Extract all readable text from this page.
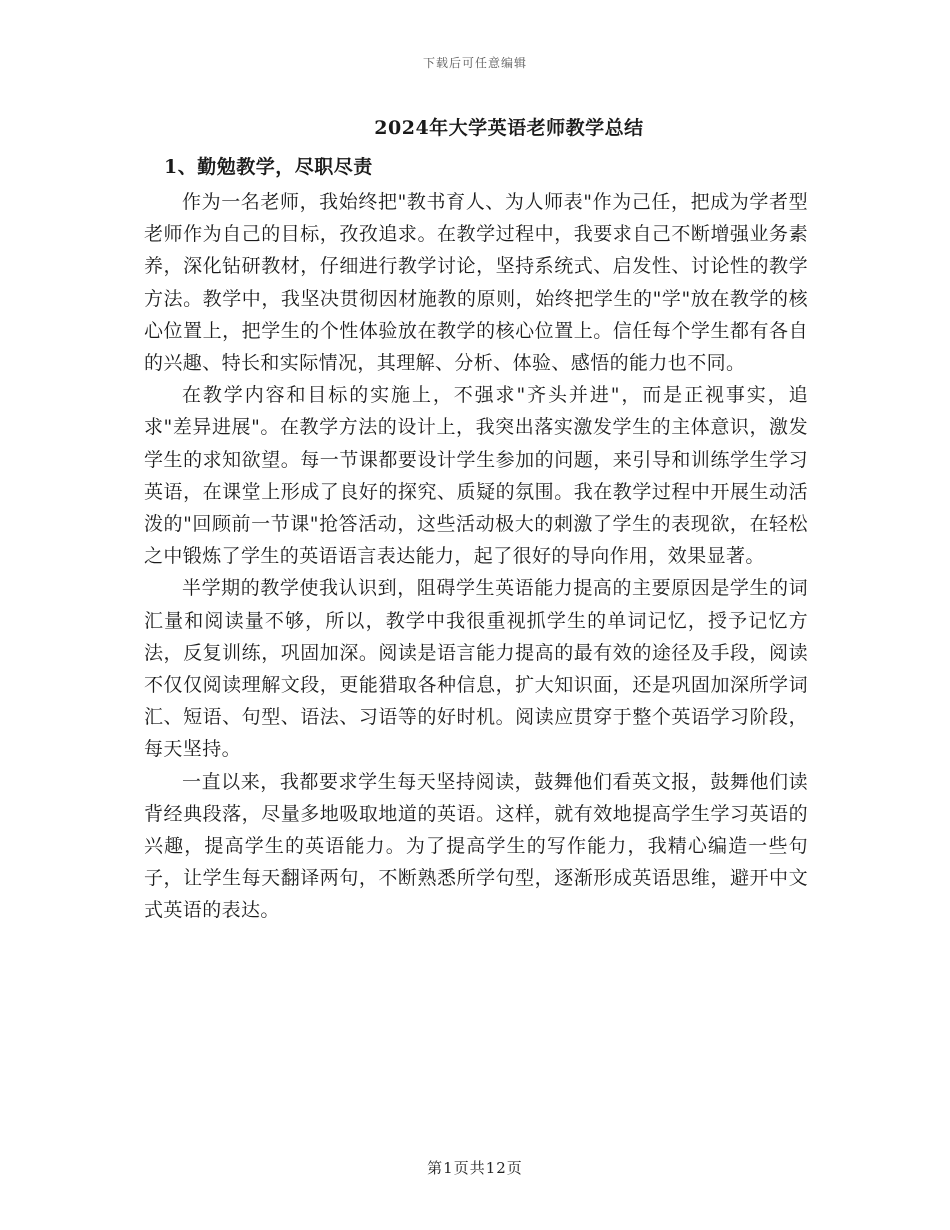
下载后可任意编辑
2024年大学英语老师教学总结
1、勤勉教学，尽职尽责

作为一名老师，我始终把"教书育人、为人师表"作为己任，把成为学者型老师作为自己的目标，孜孜追求。在教学过程中，我要求自己不断增强业务素养，深化钻研教材，仔细进行教学讨论，坚持系统式、启发性、讨论性的教学方法。教学中，我坚决贯彻因材施教的原则，始终把学生的"学"放在教学的核心位置上，把学生的个性体验放在教学的核心位置上。信任每个学生都有各自的兴趣、特长和实际情况，其理解、分析、体验、感悟的能力也不同。

在教学内容和目标的实施上，不强求"齐头并进"，而是正视事实，追求"差异进展"。在教学方法的设计上，我突出落实激发学生的主体意识，激发学生的求知欲望。每一节课都要设计学生参加的问题，来引导和训练学生学习英语，在课堂上形成了良好的探究、质疑的氛围。我在教学过程中开展生动活泼的"回顾前一节课"抢答活动，这些活动极大的刺激了学生的表现欲，在轻松之中锻炼了学生的英语语言表达能力，起了很好的导向作用，效果显著。

半学期的教学使我认识到，阻碍学生英语能力提高的主要原因是学生的词汇量和阅读量不够，所以，教学中我很重视抓学生的单词记忆，授予记忆方法，反复训练，巩固加深。阅读是语言能力提高的最有效的途径及手段，阅读不仅仅阅读理解文段，更能猎取各种信息，扩大知识面，还是巩固加深所学词汇、短语、句型、语法、习语等的好时机。阅读应贯穿于整个英语学习阶段，每天坚持。

一直以来，我都要求学生每天坚持阅读，鼓舞他们看英文报，鼓舞他们读背经典段落，尽量多地吸取地道的英语。这样，就有效地提高学生学习英语的兴趣，提高学生的英语能力。为了提高学生的写作能力，我精心编造一些句子，让学生每天翻译两句，不断熟悉所学句型，逐渐形成英语思维，避开中文式英语的表达。

第1页共12页
